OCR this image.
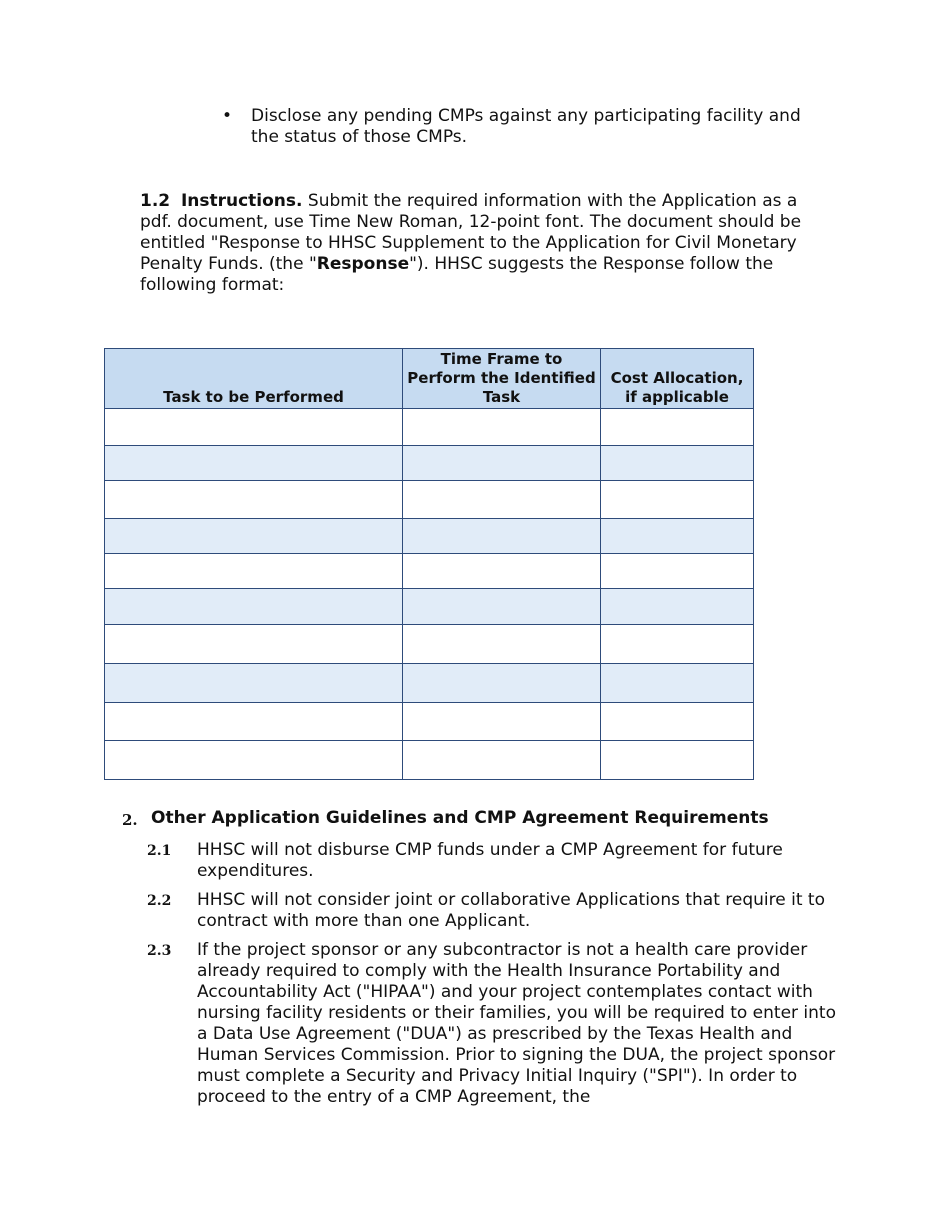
• Disclose any pending CMPs against any participating facility and the status of those CMPs.
1.2 Instructions. Submit the required information with the Application as a pdf. document, use Time New Roman, 12-point font. The document should be entitled "Response to HHSC Supplement to the Application for Civil Monetary Penalty Funds. (the "Response"). HHSC suggests the Response follow the following format:
Task to be Performed	Time Frame to Perform the Identified Task	Cost Allocation, if applicable

2. Other Application Guidelines and CMP Agreement Requirements
2.1 HHSC will not disburse CMP funds under a CMP Agreement for future expenditures.
2.2 HHSC will not consider joint or collaborative Applications that require it to contract with more than one Applicant.
2.3 If the project sponsor or any subcontractor is not a health care provider already required to comply with the Health Insurance Portability and Accountability Act ("HIPAA") and your project contemplates contact with nursing facility residents or their families, you will be required to enter into a Data Use Agreement ("DUA") as prescribed by the Texas Health and Human Services Commission. Prior to signing the DUA, the project sponsor must complete a Security and Privacy Initial Inquiry ("SPI"). In order to proceed to the entry of a CMP Agreement, the
